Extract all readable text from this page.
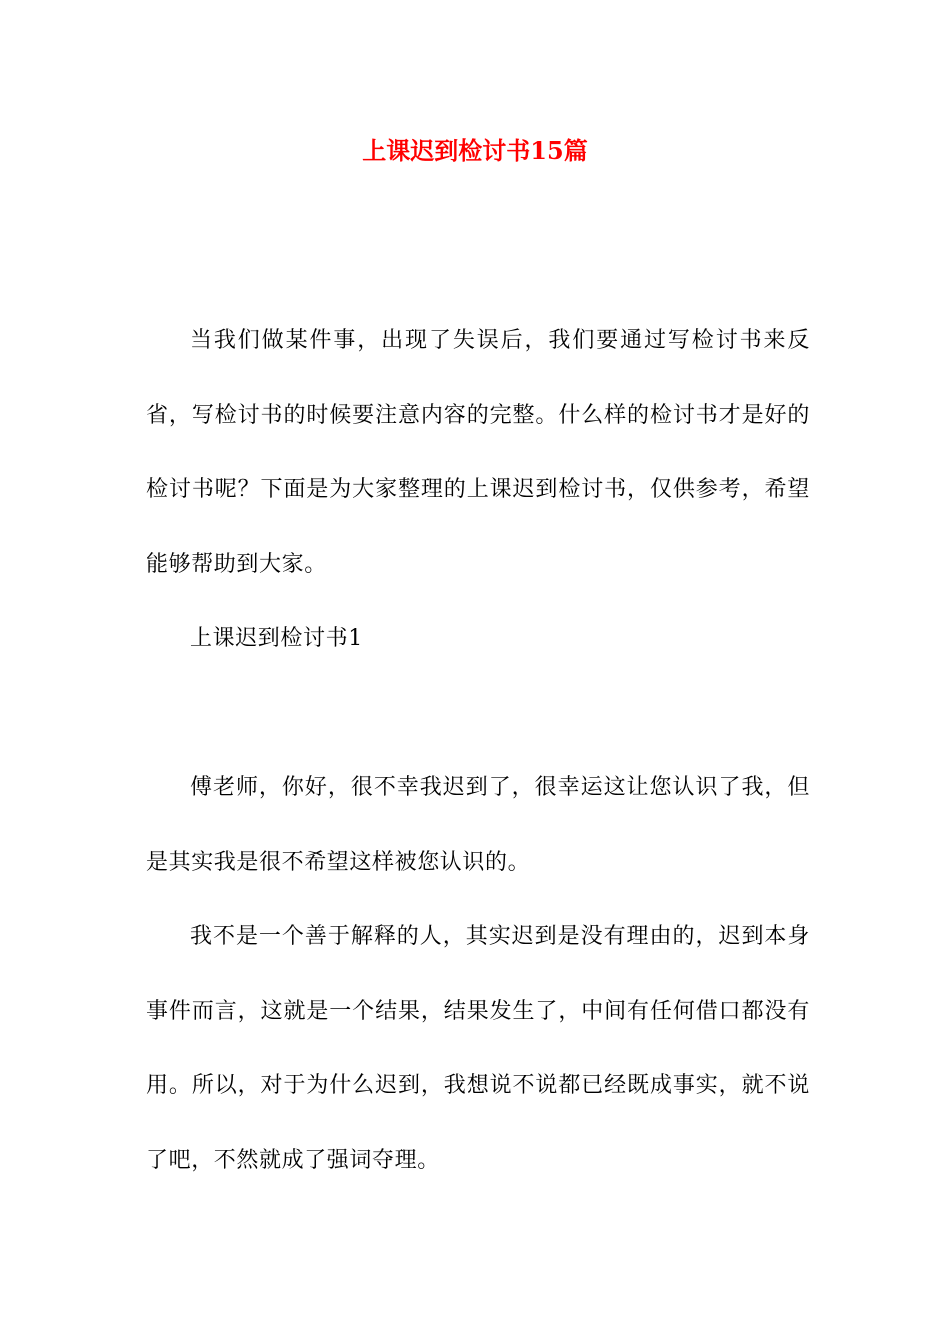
上课迟到检讨书15篇

当我们做某件事，出现了失误后，我们要通过写检讨书来反省，写检讨书的时候要注意内容的完整。什么样的检讨书才是好的检讨书呢？下面是为大家整理的上课迟到检讨书，仅供参考，希望能够帮助到大家。

上课迟到检讨书1

傅老师，你好，很不幸我迟到了，很幸运这让您认识了我，但是其实我是很不希望这样被您认识的。

我不是一个善于解释的人，其实迟到是没有理由的，迟到本身事件而言，这就是一个结果，结果发生了，中间有任何借口都没有用。所以，对于为什么迟到，我想说不说都已经既成事实，就不说了吧，不然就成了强词夺理。
